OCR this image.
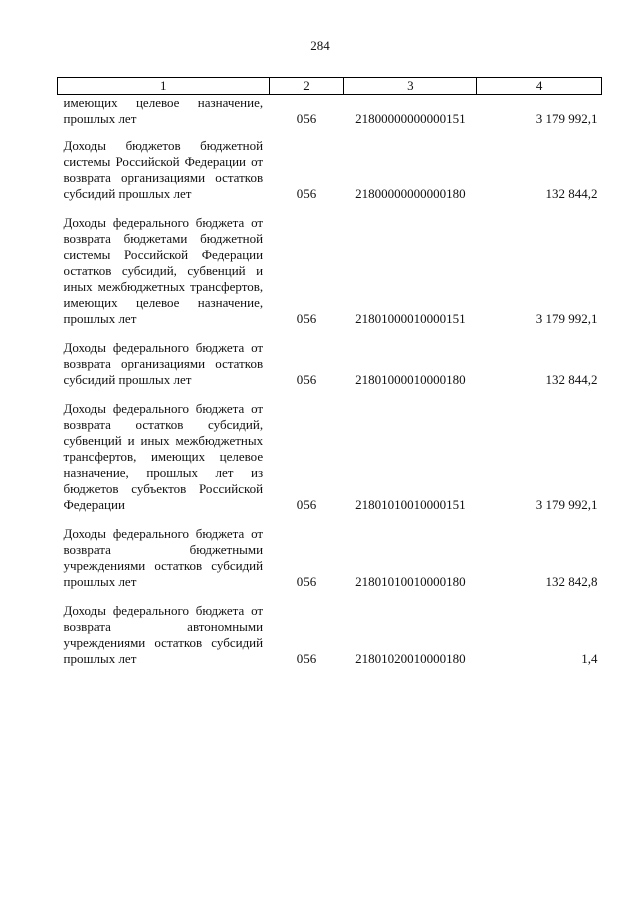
284
1	2	3	4

имеющих целевое назначение, прошлых лет	056	21800000000000151	3 179 992,1

Доходы бюджетов бюджетной системы Российской Федерации от возврата организациями остатков субсидий прошлых лет	056	21800000000000180	132 844,2

Доходы федерального бюджета от возврата бюджетами бюджетной системы Российской Федерации остатков субсидий, субвенций и иных межбюджетных трансфертов, имеющих целевое назначение, прошлых лет	056	21801000010000151	3 179 992,1

Доходы федерального бюджета от возврата организациями остатков субсидий прошлых лет	056	21801000010000180	132 844,2

Доходы федерального бюджета от возврата остатков субсидий, субвенций и иных межбюджетных трансфертов, имеющих целевое назначение, прошлых лет из бюджетов субъектов Российской Федерации	056	21801010010000151	3 179 992,1

Доходы федерального бюджета от возврата бюджетными учреждениями остатков субсидий прошлых лет	056	21801010010000180	132 842,8

Доходы федерального бюджета от возврата автономными учреждениями остатков субсидий прошлых лет	056	21801020010000180	1,4
